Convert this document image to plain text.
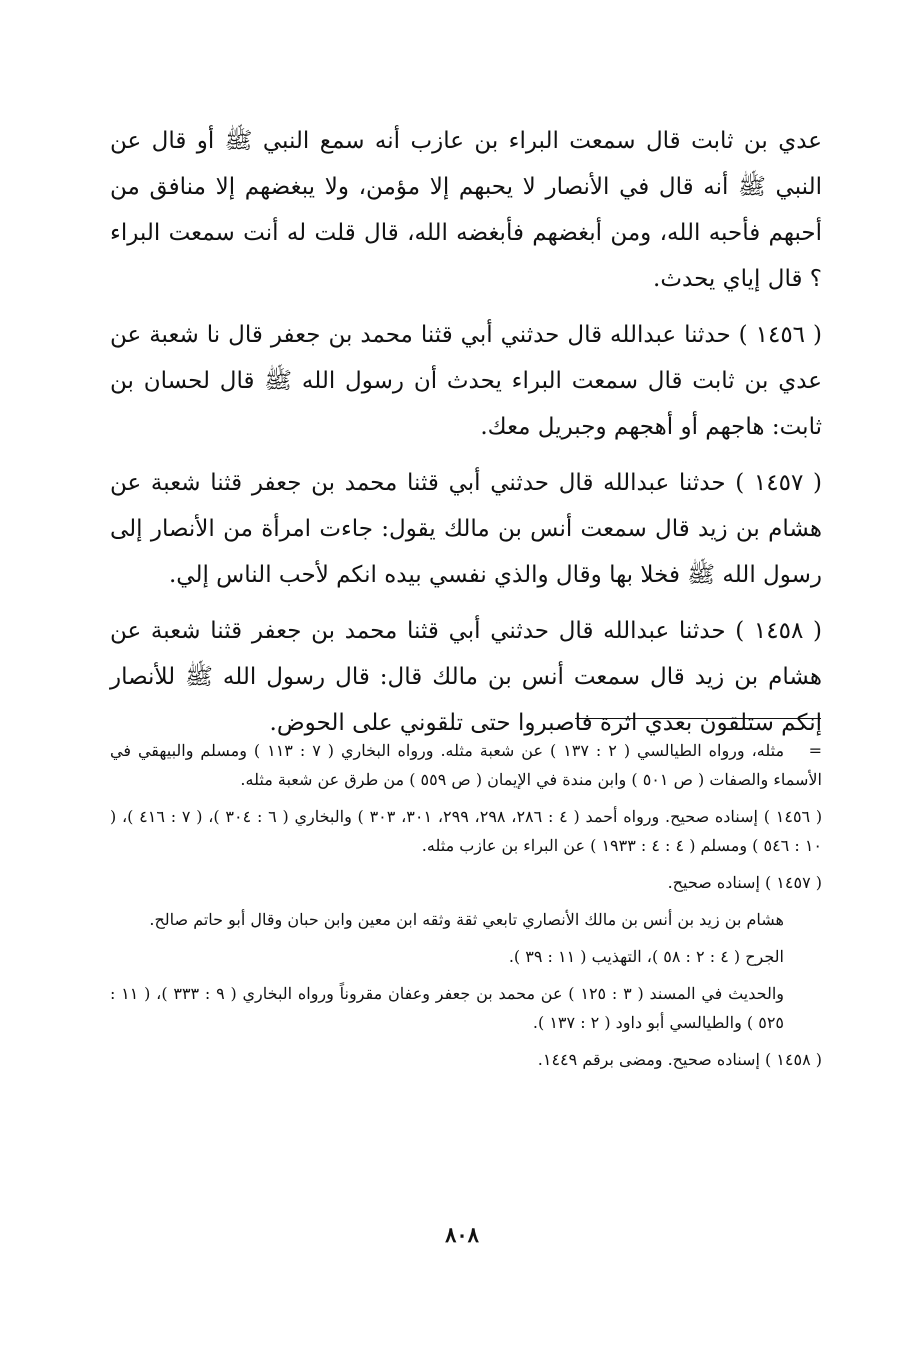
عدي بن ثابت قال سمعت البراء بن عازب أنه سمع النبي ﷺ أو قال عن النبي ﷺ أنه قال في الأنصار لا يحبهم إلا مؤمن، ولا يبغضهم إلا منافق من أحبهم فأحبه الله، ومن أبغضهم فأبغضه الله، قال قلت له أنت سمعت البراء ؟ قال إياي يحدث.

( ١٤٥٦ ) حدثنا عبدالله قال حدثني أبي قثنا محمد بن جعفر قال نا شعبة عن عدي بن ثابت قال سمعت البراء يحدث أن رسول الله ﷺ قال لحسان بن ثابت: هاجهم أو أهجهم وجبريل معك.

( ١٤٥٧ ) حدثنا عبدالله قال حدثني أبي قثنا محمد بن جعفر قثنا شعبة عن هشام بن زيد قال سمعت أنس بن مالك يقول: جاءت امرأة من الأنصار إلى رسول الله ﷺ فخلا بها وقال والذي نفسي بيده انكم لأحب الناس إلي.

( ١٤٥٨ ) حدثنا عبدالله قال حدثني أبي قثنا محمد بن جعفر قثنا شعبة عن هشام بن زيد قال سمعت أنس بن مالك قال: قال رسول الله ﷺ للأنصار إنكم ستلقون بعدي اثرة فاصبروا حتى تلقوني على الحوض.

=مثله، ورواه الطيالسي ( ٢ : ١٣٧ ) عن شعبة مثله. ورواه البخاري ( ٧ : ١١٣ ) ومسلم والبيهقي في الأسماء والصفات ( ص ٥٠١ ) وابن مندة في الإيمان ( ص ٥٥٩ ) من طرق عن شعبة مثله.

( ١٤٥٦ ) إسناده صحيح. ورواه أحمد ( ٤ : ٢٨٦، ٢٩٨، ٢٩٩، ٣٠١، ٣٠٣ ) والبخاري ( ٦ : ٣٠٤ )، ( ٧ : ٤١٦ )، ( ١٠ : ٥٤٦ ) ومسلم ( ٤ : ٤ : ١٩٣٣ ) عن البراء بن عازب مثله.

( ١٤٥٧ ) إسناده صحيح.

هشام بن زيد بن أنس بن مالك الأنصاري تابعي ثقة وثقه ابن معين وابن حبان وقال أبو حاتم صالح.

الجرح ( ٤ : ٢ : ٥٨ )، التهذيب ( ١١ : ٣٩ ).

والحديث في المسند ( ٣ : ١٢٥ ) عن محمد بن جعفر وعفان مقروناً ورواه البخاري ( ٩ : ٣٣٣ )، ( ١١ : ٥٢٥ ) والطيالسي أبو داود ( ٢ : ١٣٧ ).

( ١٤٥٨ ) إسناده صحيح. ومضى برقم ١٤٤٩.

٨٠٨
